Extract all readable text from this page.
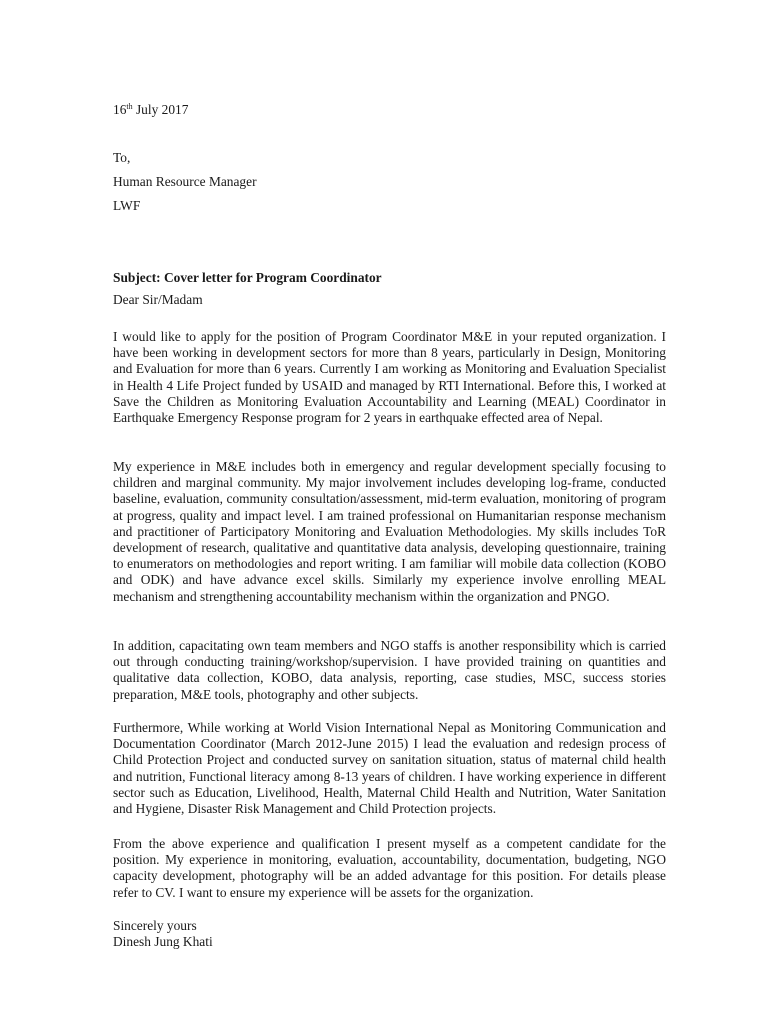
16th July 2017
To,
Human Resource Manager
LWF
Subject: Cover letter for Program Coordinator
Dear Sir/Madam

I would like to apply for the position of Program Coordinator M&E in your reputed organization. I have been working in development sectors for more than 8 years, particularly in Design, Monitoring and Evaluation for more than 6 years. Currently I am working as Monitoring and Evaluation Specialist in Health 4 Life Project funded by USAID and managed by RTI International. Before this, I worked at Save the Children as Monitoring Evaluation Accountability and Learning (MEAL) Coordinator in Earthquake Emergency Response program for 2 years in earthquake effected area of Nepal.

My experience in M&E includes both in emergency and regular development specially focusing to children and marginal community. My major involvement includes developing log-frame, conducted baseline, evaluation, community consultation/assessment, mid-term evaluation, monitoring of program at progress, quality and impact level. I am trained professional on Humanitarian response mechanism and practitioner of Participatory Monitoring and Evaluation Methodologies. My skills includes ToR development of research, qualitative and quantitative data analysis, developing questionnaire, training to enumerators on methodologies and report writing. I am familiar will mobile data collection (KOBO and ODK) and have advance excel skills. Similarly my experience involve enrolling MEAL mechanism and strengthening accountability mechanism within the organization and PNGO.

In addition, capacitating own team members and NGO staffs is another responsibility which is carried out through conducting training/workshop/supervision. I have provided training on quantities and qualitative data collection, KOBO, data analysis, reporting, case studies, MSC, success stories preparation, M&E tools, photography and other subjects.

Furthermore, While working at World Vision International Nepal as Monitoring Communication and Documentation Coordinator (March 2012-June 2015) I lead the evaluation and redesign process of Child Protection Project and conducted survey on sanitation situation, status of maternal child health and nutrition, Functional literacy among 8-13 years of children. I have working experience in different sector such as Education, Livelihood, Health, Maternal Child Health and Nutrition, Water Sanitation and Hygiene, Disaster Risk Management and Child Protection projects.

From the above experience and qualification I present myself as a competent candidate for the position. My experience in monitoring, evaluation, accountability, documentation, budgeting, NGO capacity development, photography will be an added advantage for this position. For details please refer to CV. I want to ensure my experience will be assets for the organization.

Sincerely yours
Dinesh Jung Khati
